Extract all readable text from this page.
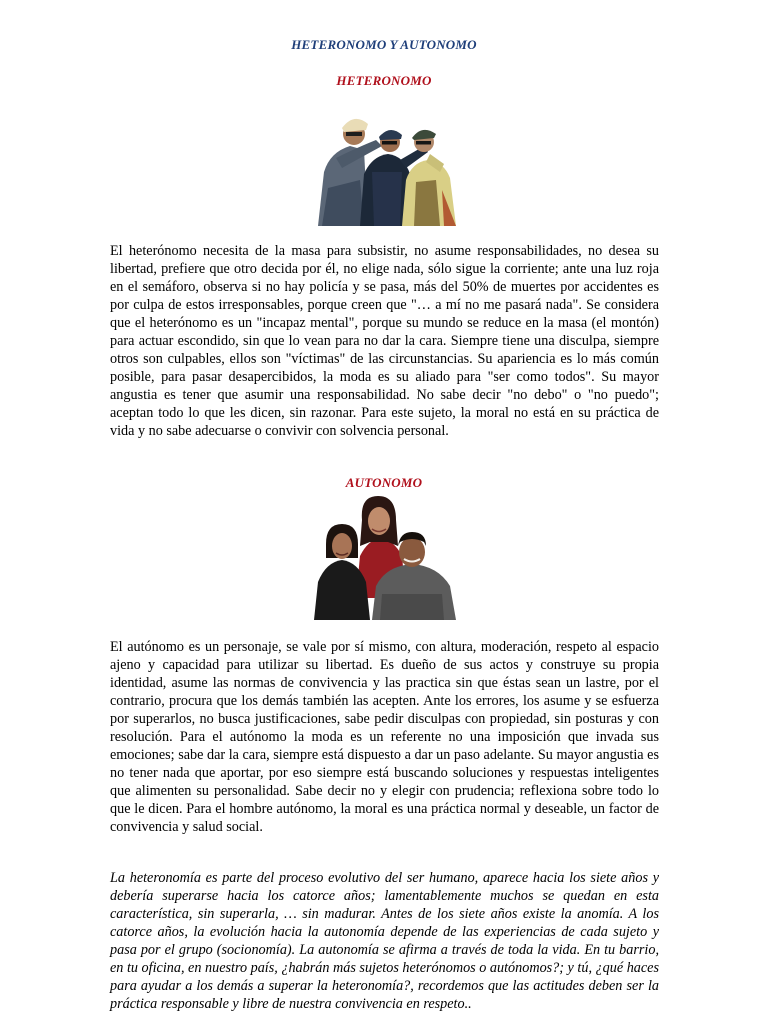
HETERONOMO Y AUTONOMO
HETERONOMO

El heterónomo necesita de la masa para subsistir, no asume responsabilidades, no desea su libertad, prefiere que otro decida por él, no elige nada, sólo sigue la corriente; ante una luz roja en el semáforo, observa si no hay policía y se pasa, más del 50% de muertes por accidentes es por culpa de estos irresponsables, porque creen que "… a mí no me pasará nada". Se considera que el heterónomo es un "incapaz mental", porque su mundo se reduce en la masa (el montón) para actuar escondido, sin que lo vean para no dar la cara. Siempre tiene una disculpa, siempre otros son culpables, ellos son "víctimas" de las circunstancias. Su apariencia es lo más común posible, para pasar desapercibidos, la moda es su aliado para "ser como todos". Su mayor angustia es tener que asumir una responsabilidad. No sabe decir "no debo" o "no puedo"; aceptan todo lo que les dicen, sin razonar. Para este sujeto, la moral no está en su práctica de vida y no sabe adecuarse o convivir con solvencia personal.

AUTONOMO

El autónomo es un personaje, se vale por sí mismo, con altura, moderación, respeto al espacio ajeno y capacidad para utilizar su libertad. Es dueño de sus actos y construye su propia identidad, asume las normas de convivencia y las practica sin que éstas sean un lastre, por el contrario, procura que los demás también las acepten. Ante los errores, los asume y se esfuerza por superarlos, no busca justificaciones, sabe pedir disculpas con propiedad, sin posturas y con resolución. Para el autónomo la moda es un referente no una imposición que invada sus emociones; sabe dar la cara, siempre está dispuesto a dar un paso adelante. Su mayor angustia es no tener nada que aportar, por eso siempre está buscando soluciones y respuestas inteligentes que alimenten su personalidad. Sabe decir no y elegir con prudencia; reflexiona sobre todo lo que le dicen. Para el hombre autónomo, la moral es una práctica normal y deseable, un factor de convivencia y salud social.

La heteronomía es parte del proceso evolutivo del ser humano, aparece hacia los siete años y debería superarse hacia los catorce años; lamentablemente muchos se quedan en esta característica, sin superarla, … sin madurar. Antes de los siete años existe la anomía. A los catorce años, la evolución hacia la autonomía depende de las experiencias de cada sujeto y pasa por el grupo (socionomía). La autonomía se afirma a través de toda la vida. En tu barrio, en tu oficina, en nuestro país, ¿habrán más sujetos heterónomos o autónomos?; y tú, ¿qué haces para ayudar a los demás a superar la heteronomía?, recordemos que las actitudes deben ser la práctica responsable y libre de nuestra convivencia en respeto..
